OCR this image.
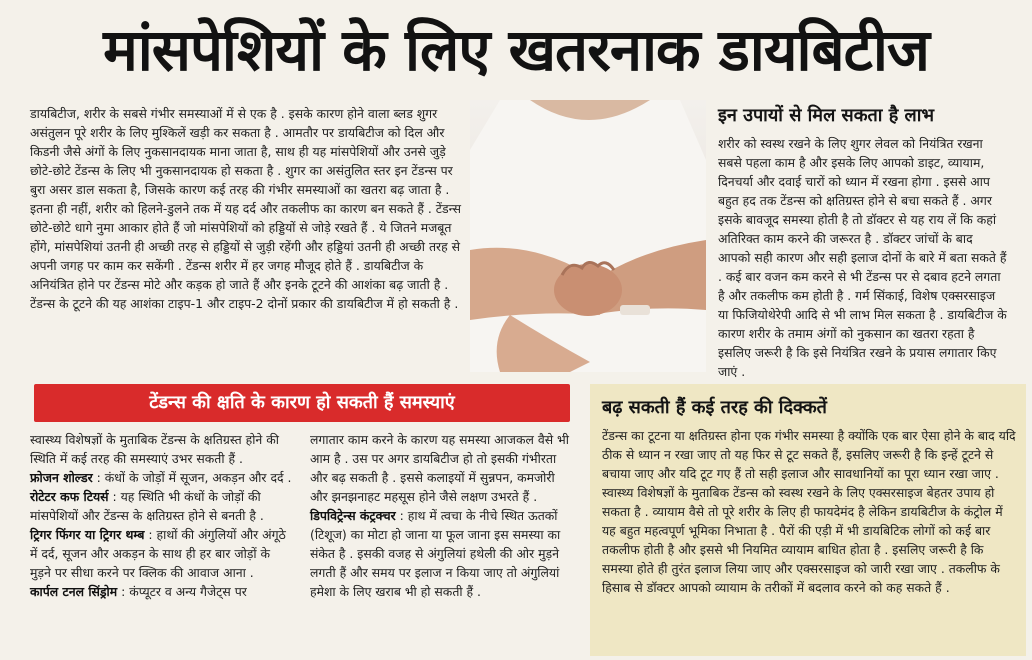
मांसपेशियों के लिए खतरनाक डायबिटीज

डायबिटीज, शरीर के सबसे गंभीर समस्याओं में से एक है . इसके कारण होने वाला ब्लड शुगर असंतुलन पूरे शरीर के लिए मुश्किलें खड़ी कर सकता है . आमतौर पर डायबिटीज को दिल और किडनी जैसे अंगों के लिए नुकसानदायक माना जाता है, साथ ही यह मांसपेशियों और उनसे जुड़े छोटे-छोटे टेंडन्स के लिए भी नुकसानदायक हो सकता है . शुगर का असंतुलित स्तर इन टेंडन्स पर बुरा असर डाल सकता है, जिसके कारण कई तरह की गंभीर समस्याओं का खतरा बढ़ जाता है . इतना ही नहीं, शरीर को हिलने-डुलने तक में यह दर्द और तकलीफ का कारण बन सकते हैं . टेंडन्स छोटे-छोटे धागे नुमा आकार होते हैं जो मांसपेशियों को हड्डियों से जोड़े रखते हैं . ये जितने मजबूत होंगे, मांसपेशियां उतनी ही अच्छी तरह से हड्डियों से जुड़ी रहेंगी और हड्डियां उतनी ही अच्छी तरह से अपनी जगह पर काम कर सकेंगी . टेंडन्स शरीर में हर जगह मौजूद होते हैं . डायबिटीज के अनियंत्रित होने पर टेंडन्स मोटे और कड़क हो जाते हैं और इनके टूटने की आशंका बढ़ जाती है . टेंडन्स के टूटने की यह आशंका टाइप-1 और टाइप-2 दोनों प्रकार की डायबिटीज में हो सकती है .

इन उपायों से मिल सकता है लाभ

शरीर को स्वस्थ रखने के लिए शुगर लेवल को नियंत्रित रखना सबसे पहला काम है और इसके लिए आपको डाइट, व्यायाम, दिनचर्या और दवाई चारों को ध्यान में रखना होगा . इससे आप बहुत हद तक टेंडन्स को क्षतिग्रस्त होने से बचा सकते हैं . अगर इसके बावजूद समस्या होती है तो डॉक्टर से यह राय लें कि कहां अतिरिक्त काम करने की जरूरत है . डॉक्टर जांचों के बाद आपको सही कारण और सही इलाज दोनों के बारे में बता सकते हैं . कई बार वजन कम करने से भी टेंडन्स पर से दबाव हटने लगता है और तकलीफ कम होती है . गर्म सिंकाई, विशेष एक्सरसाइज या फिजियोथेरेपी आदि से भी लाभ मिल सकता है . डायबिटीज के कारण शरीर के तमाम अंगों को नुकसान का खतरा रहता है इसलिए जरूरी है कि इसे नियंत्रित रखने के प्रयास लगातार किए जाएं .

टेंडन्स की क्षति के कारण हो सकती हैं समस्याएं

स्वास्थ्य विशेषज्ञों के मुताबिक टेंडन्स के क्षतिग्रस्त होने की स्थिति में कई तरह की समस्याएं उभर सकती हैं .

फ्रोजन शोल्डर : कंधों के जोड़ों में सूजन, अकड़न और दर्द .

रोटेटर कफ टियर्स : यह स्थिति भी कंधों के जोड़ों की मांसपेशियों और टेंडन्स के क्षतिग्रस्त होने से बनती है .

ट्रिगर फिंगर या ट्रिगर थम्ब : हाथों की अंगुलियों और अंगूठे में दर्द, सूजन और अकड़न के साथ ही हर बार जोड़ों के मुड़ने पर सीधा करने पर क्लिक की आवाज आना .

कार्पल टनल सिंड्रोम : कंप्यूटर व अन्य गैजेट्स पर

लगातार काम करने के कारण यह समस्या आजकल वैसे भी आम है . उस पर अगर डायबिटीज हो तो इसकी गंभीरता और बढ़ सकती है . इससे कलाइयों में सुन्नपन, कमजोरी और झनझनाहट महसूस होने जैसे लक्षण उभरते हैं .

डिपविट्रेन्स कंट्रक्चर : हाथ में त्वचा के नीचे स्थित ऊतकों (टिशूज) का मोटा हो जाना या फूल जाना इस समस्या का संकेत है . इसकी वजह से अंगुलियां हथेली की ओर मुड़ने लगती हैं और समय पर इलाज न किया जाए तो अंगुलियां हमेशा के लिए खराब भी हो सकती हैं .

बढ़ सकती हैं कई तरह की दिक्कतें

टेंडन्स का टूटना या क्षतिग्रस्त होना एक गंभीर समस्या है क्योंकि एक बार ऐसा होने के बाद यदि ठीक से ध्यान न रखा जाए तो यह फिर से टूट सकते हैं, इसलिए जरूरी है कि इन्हें टूटने से बचाया जाए और यदि टूट गए हैं तो सही इलाज और सावधानियों का पूरा ध्यान रखा जाए . स्वास्थ्य विशेषज्ञों के मुताबिक टेंडन्स को स्वस्थ रखने के लिए एक्सरसाइज बेहतर उपाय हो सकता है . व्यायाम वैसे तो पूरे शरीर के लिए ही फायदेमंद है लेकिन डायबिटीज के कंट्रोल में यह बहुत महत्वपूर्ण भूमिका निभाता है . पैरों की एड़ी में भी डायबिटिक लोगों को कई बार तकलीफ होती है और इससे भी नियमित व्यायाम बाधित होता है . इसलिए जरूरी है कि समस्या होते ही तुरंत इलाज लिया जाए और एक्सरसाइज को जारी रखा जाए . तकलीफ के हिसाब से डॉक्टर आपको व्यायाम के तरीकों में बदलाव करने को कह सकते हैं .
